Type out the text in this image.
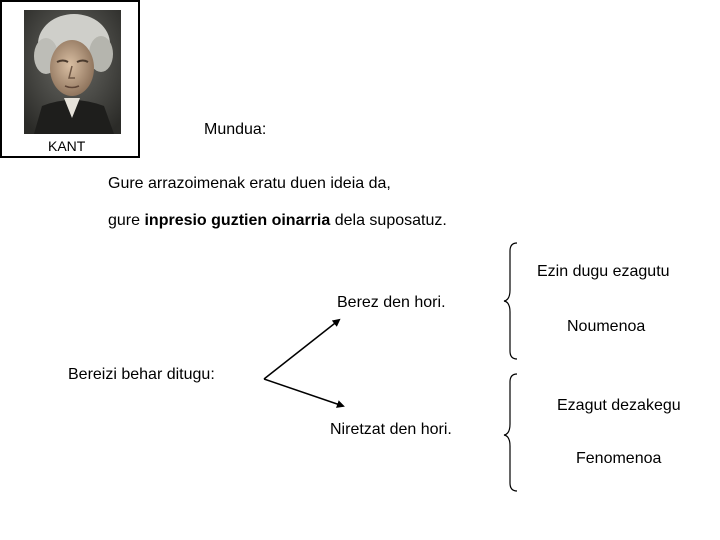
KANT
Mundua:
Gure arrazoimenak eratu duen ideia da,
gure inpresio guztien oinarria dela suposatuz.
Bereizi behar ditugu:
Berez den hori.
Niretzat den hori.
Ezin dugu ezagutu
Noumenoa
Ezagut dezakegu
Fenomenoa
